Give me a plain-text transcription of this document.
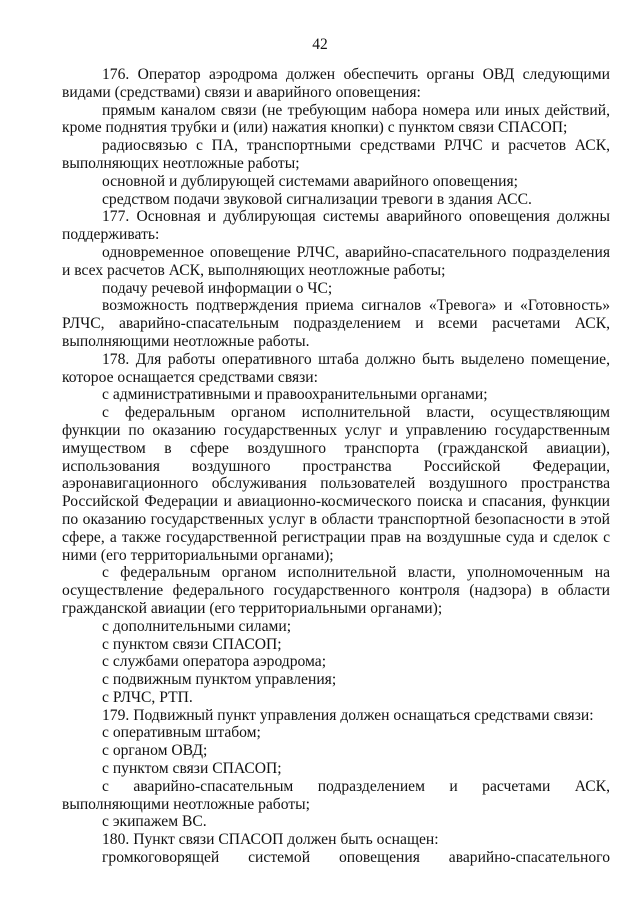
42

176. Оператор аэродрома должен обеспечить органы ОВД следующими видами (средствами) связи и аварийного оповещения:

прямым каналом связи (не требующим набора номера или иных действий, кроме поднятия трубки и (или) нажатия кнопки) с пунктом связи СПАСОП;

радиосвязью с ПА, транспортными средствами РЛЧС и расчетов АСК, выполняющих неотложные работы;

основной и дублирующей системами аварийного оповещения;

средством подачи звуковой сигнализации тревоги в здания АСС.

177. Основная и дублирующая системы аварийного оповещения должны поддерживать:

одновременное оповещение РЛЧС, аварийно-спасательного подразделения и всех расчетов АСК, выполняющих неотложные работы;

подачу речевой информации о ЧС;

возможность подтверждения приема сигналов «Тревога» и «Готовность» РЛЧС, аварийно-спасательным подразделением и всеми расчетами АСК, выполняющими неотложные работы.

178. Для работы оперативного штаба должно быть выделено помещение, которое оснащается средствами связи:

с административными и правоохранительными органами;

с федеральным органом исполнительной власти, осуществляющим функции по оказанию государственных услуг и управлению государственным имуществом в сфере воздушного транспорта (гражданской авиации), использования воздушного пространства Российской Федерации, аэронавигационного обслуживания пользователей воздушного пространства Российской Федерации и авиационно-космического поиска и спасания, функции по оказанию государственных услуг в области транспортной безопасности в этой сфере, а также государственной регистрации прав на воздушные суда и сделок с ними (его территориальными органами);

с федеральным органом исполнительной власти, уполномоченным на осуществление федерального государственного контроля (надзора) в области гражданской авиации (его территориальными органами);

с дополнительными силами;

с пунктом связи СПАСОП;

с службами оператора аэродрома;

с подвижным пунктом управления;

с РЛЧС, РТП.

179. Подвижный пункт управления должен оснащаться средствами связи:

с оперативным штабом;

с органом ОВД;

с пунктом связи СПАСОП;

с аварийно-спасательным подразделением и расчетами АСК, выполняющими неотложные работы;

с экипажем ВС.

180. Пункт связи СПАСОП должен быть оснащен:

громкоговорящей системой оповещения аварийно-спасательного
